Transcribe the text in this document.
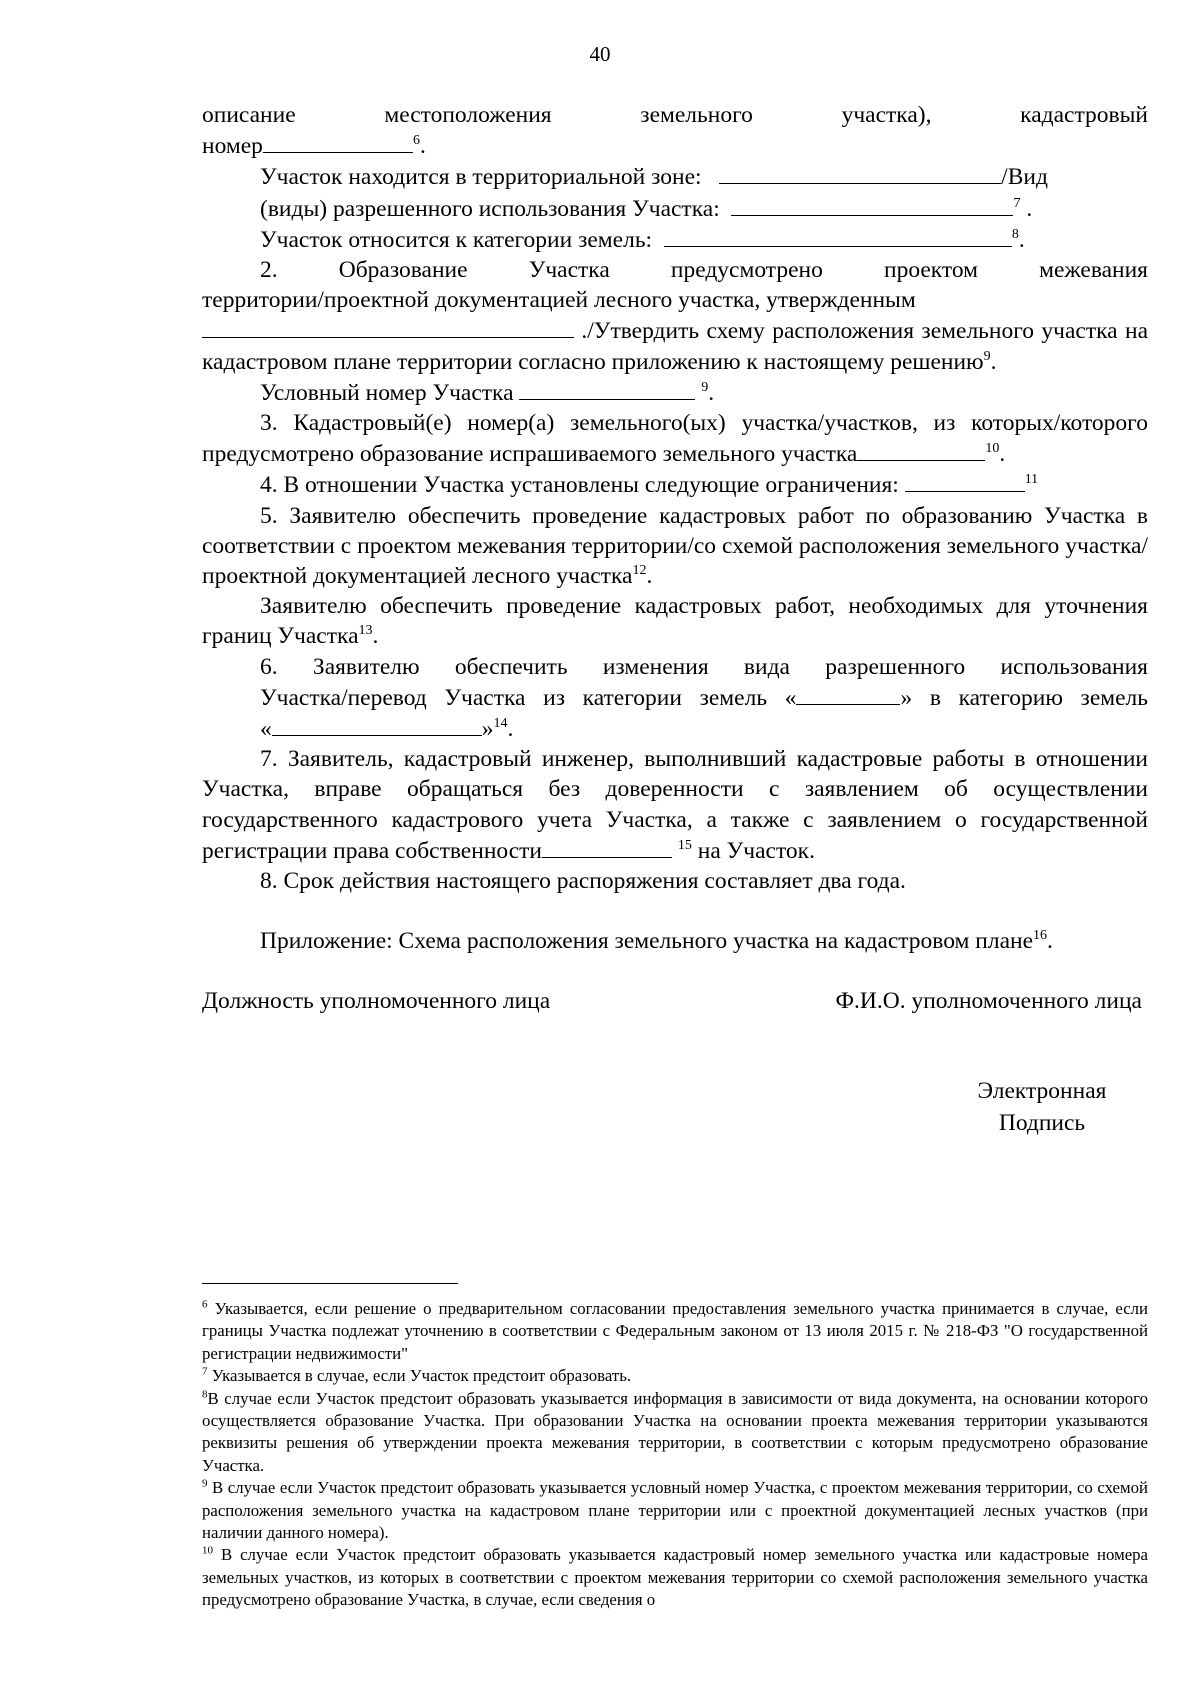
40

описание местоположения земельного участка), кадастровый

номер	$^6$.

Участок находится в территориальной зоне:	/Вид

(виды) разрешенного использования Участка:	$^7$ .

Участок относится к категории земель:	$^8$.

2. Образование Участка предусмотрено проектом межевания

территории/проектной документацией лесного участка, утвержденным

./Утвердить схему расположения земельного участка на кадастровом плане территории согласно приложению к настоящему решению$^9$.

Условный номер Участка	$^9$.

3. Кадастровый(е) номер(а) земельного(ых) участка/участков, из которых/которого предусмотрено образование испрашиваемого земельного участка	$^{10}$.

4. В отношении Участка установлены следующие ограничения:	$^{11}$

5. Заявителю обеспечить проведение кадастровых работ по образованию Участка в соответствии с проектом межевания территории/со схемой расположения земельного участка/проектной документацией лесного участка$^{12}$.

Заявителю обеспечить проведение кадастровых работ, необходимых для уточнения границ Участка$^{13}$.

6. Заявителю обеспечить изменения вида разрешенного использования

Участка/перевод Участка из категории земель «	» в категорию земель

«	»$^{14}$.

7. Заявитель, кадастровый инженер, выполнивший кадастровые работы в отношении Участка, вправе обращаться без доверенности с заявлением об осуществлении государственного кадастрового учета Участка, а также с заявлением о государственной регистрации права собственности	$^{15}$ на Участок.

8. Срок действия настоящего распоряжения составляет два года.

Приложение: Схема расположения земельного участка на кадастровом плане$^{16}$.

Должность уполномоченного лица	Ф.И.О. уполномоченного лица
Электронная
Подпись

$^6$ Указывается, если решение о предварительном согласовании предоставления земельного участка принимается в случае, если границы Участка подлежат уточнению в соответствии с Федеральным законом от 13 июля 2015 г. № 218-ФЗ "О государственной регистрации недвижимости"

$^7$ Указывается в случае, если Участок предстоит образовать.

$^8$В случае если Участок предстоит образовать указывается информация в зависимости от вида документа, на основании которого осуществляется образование Участка. При образовании Участка на основании проекта межевания территории указываются реквизиты решения об утверждении проекта межевания территории, в соответствии с которым предусмотрено образование Участка.

$^9$ В случае если Участок предстоит образовать указывается условный номер Участка, с проектом межевания территории, со схемой расположения земельного участка на кадастровом плане территории или с проектной документацией лесных участков (при наличии данного номера).

$^{10}$ В случае если Участок предстоит образовать указывается кадастровый номер земельного участка или кадастровые номера земельных участков, из которых в соответствии с проектом межевания территории со схемой расположения земельного участка предусмотрено образование Участка, в случае, если сведения о
